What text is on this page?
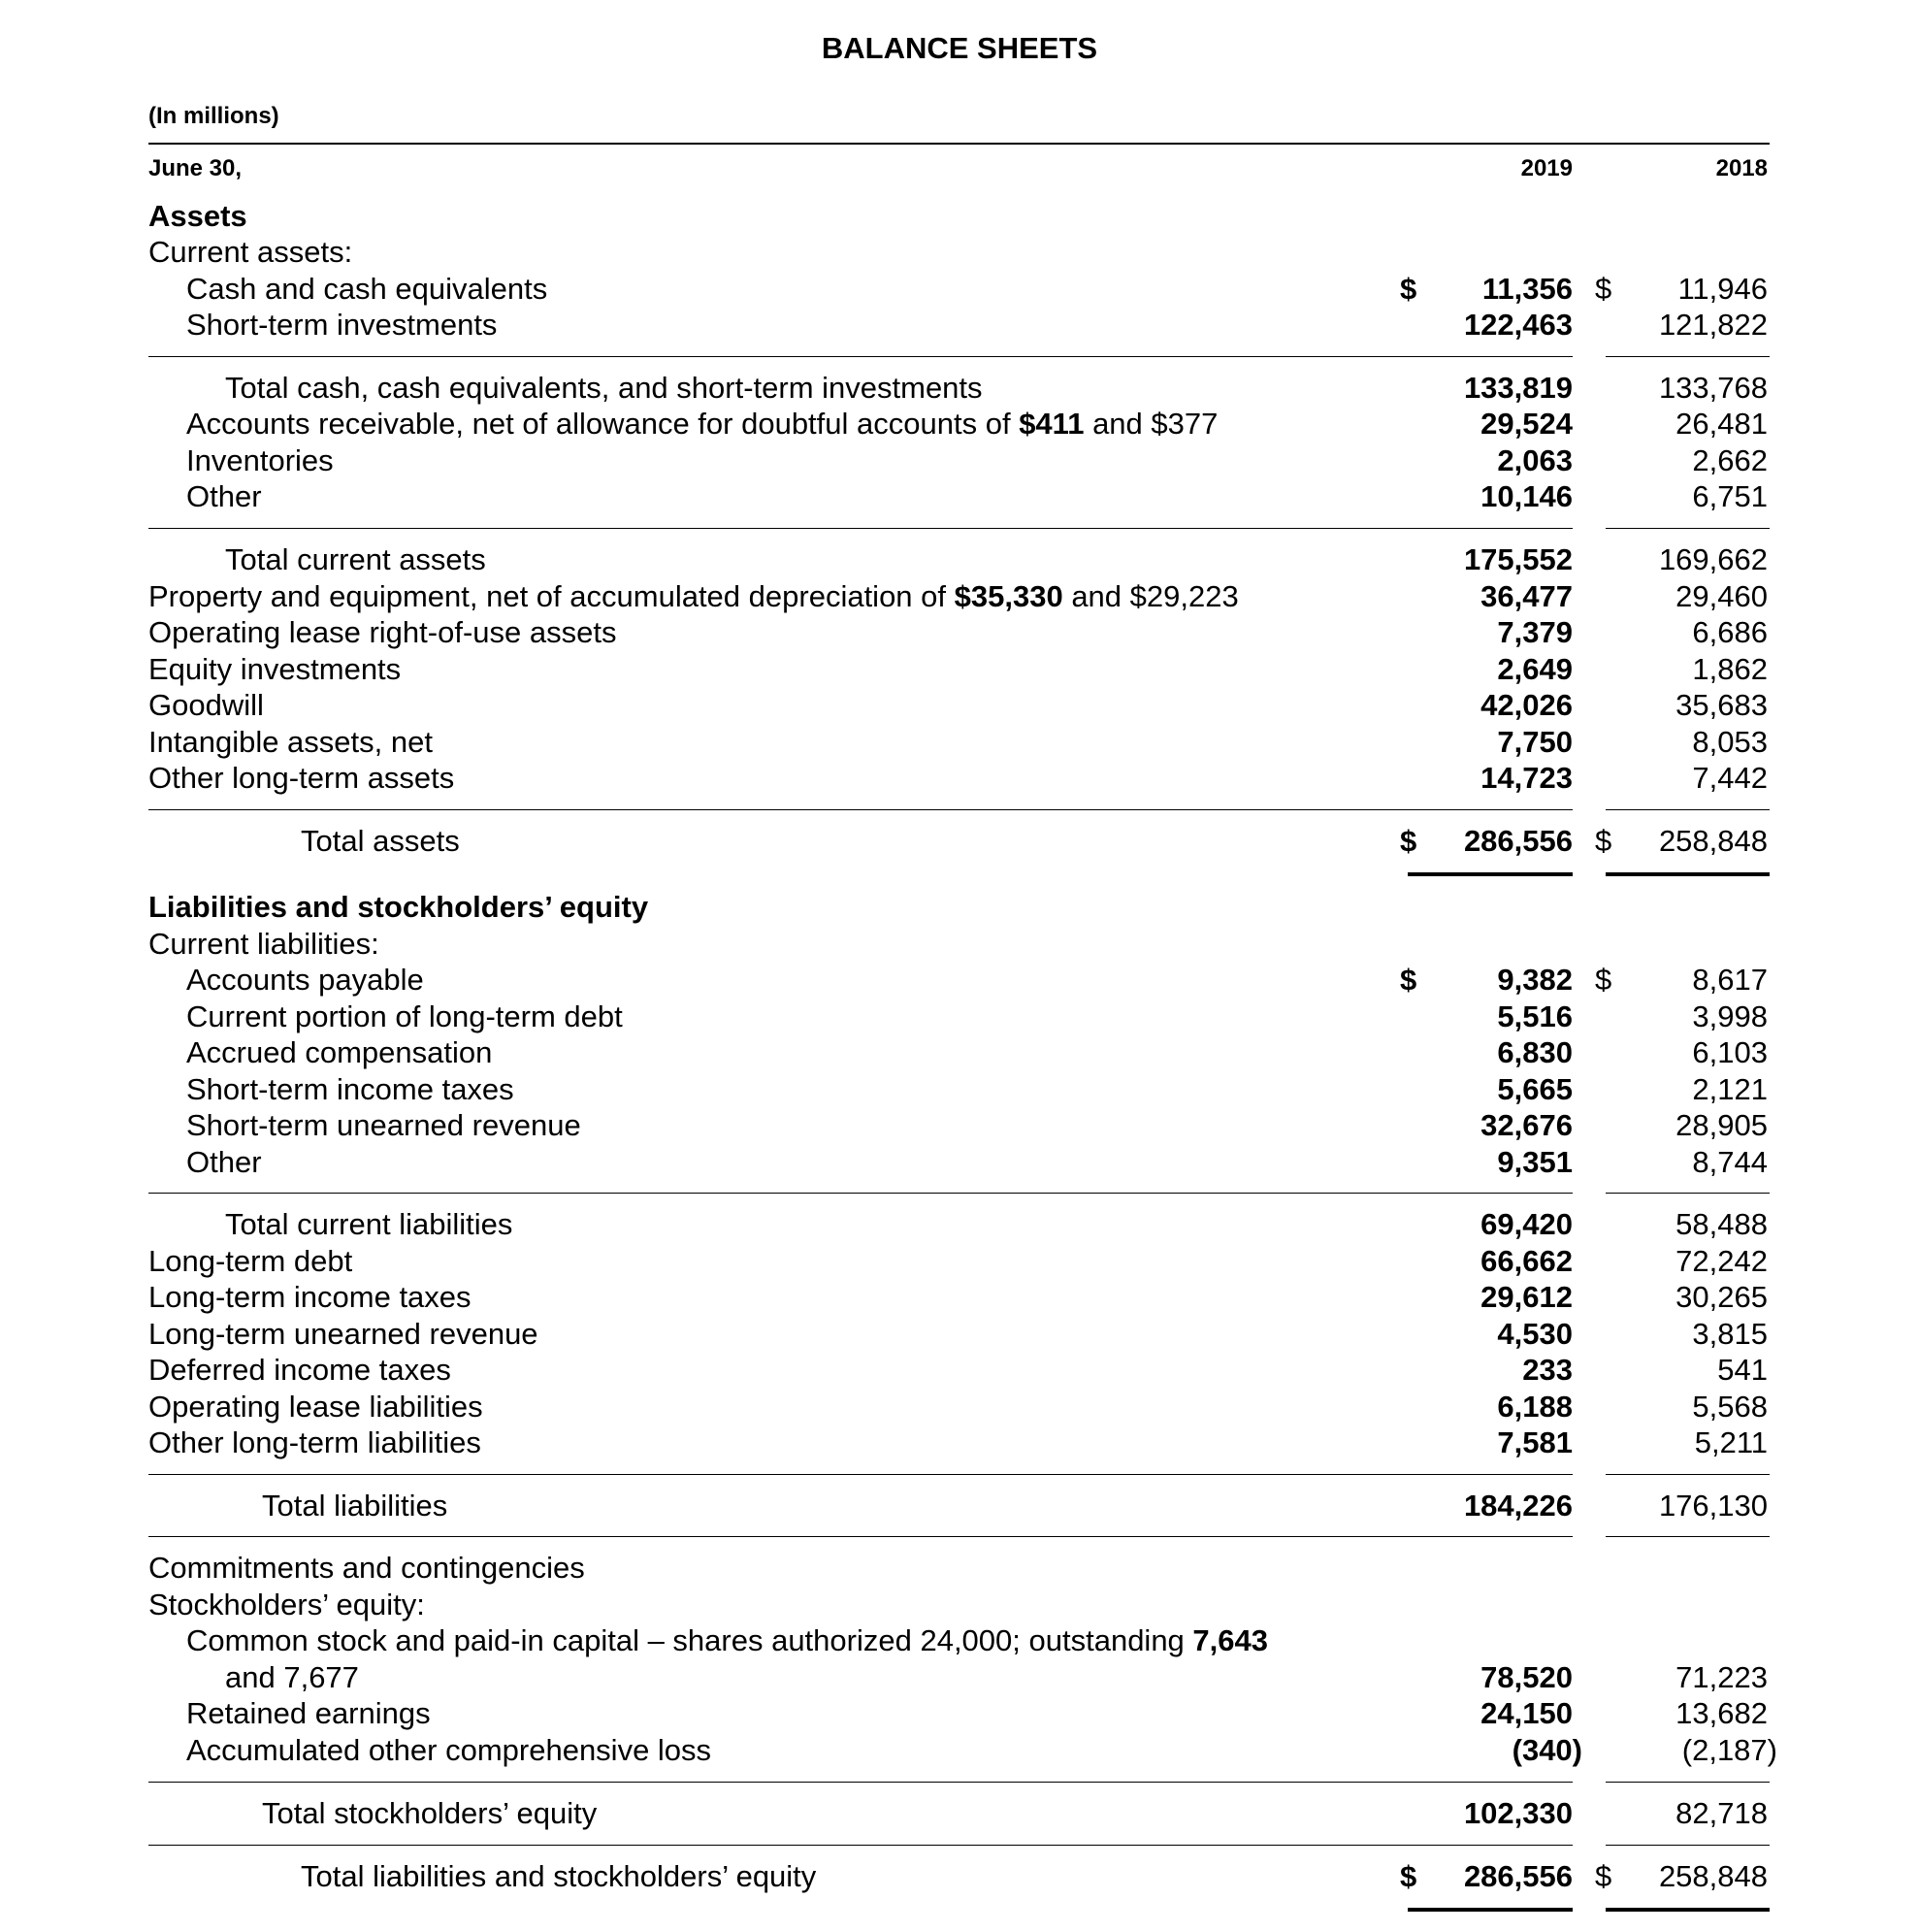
BALANCE SHEETS
(In millions)
June 30,	2019	2018
Assets
Current assets:
Cash and cash equivalents	$	11,356 $	11,946
Short-term investments	122,463	121,822
Total cash, cash equivalents, and short-term investments	133,819	133,768
Accounts receivable, net of allowance for doubtful accounts of $411 and $377	29,524	26,481
Inventories	2,063	2,662
Other	10,146	6,751
Total current assets	175,552	169,662
Property and equipment, net of accumulated depreciation of $35,330 and $29,223	36,477	29,460
Operating lease right-of-use assets	7,379	6,686
Equity investments	2,649	1,862
Goodwill	42,026	35,683
Intangible assets, net	7,750	8,053
Other long-term assets	14,723	7,442
Total assets	$	286,556 $	258,848
Liabilities and stockholders’ equity
Current liabilities:
Accounts payable	$	9,382 $	8,617
Current portion of long-term debt	5,516	3,998
Accrued compensation	6,830	6,103
Short-term income taxes	5,665	2,121
Short-term unearned revenue	32,676	28,905
Other	9,351	8,744
Total current liabilities	69,420	58,488
Long-term debt	66,662	72,242
Long-term income taxes	29,612	30,265
Long-term unearned revenue	4,530	3,815
Deferred income taxes	233	541
Operating lease liabilities	6,188	5,568
Other long-term liabilities	7,581	5,211
Total liabilities	184,226	176,130
Commitments and contingencies
Stockholders’ equity:
Common stock and paid-in capital – shares authorized 24,000; outstanding 7,643
and 7,677	78,520	71,223
Retained earnings	24,150	13,682
Accumulated other comprehensive loss	(340)	(2,187)
Total stockholders’ equity	102,330	82,718
Total liabilities and stockholders’ equity	$	286,556 $	258,848
